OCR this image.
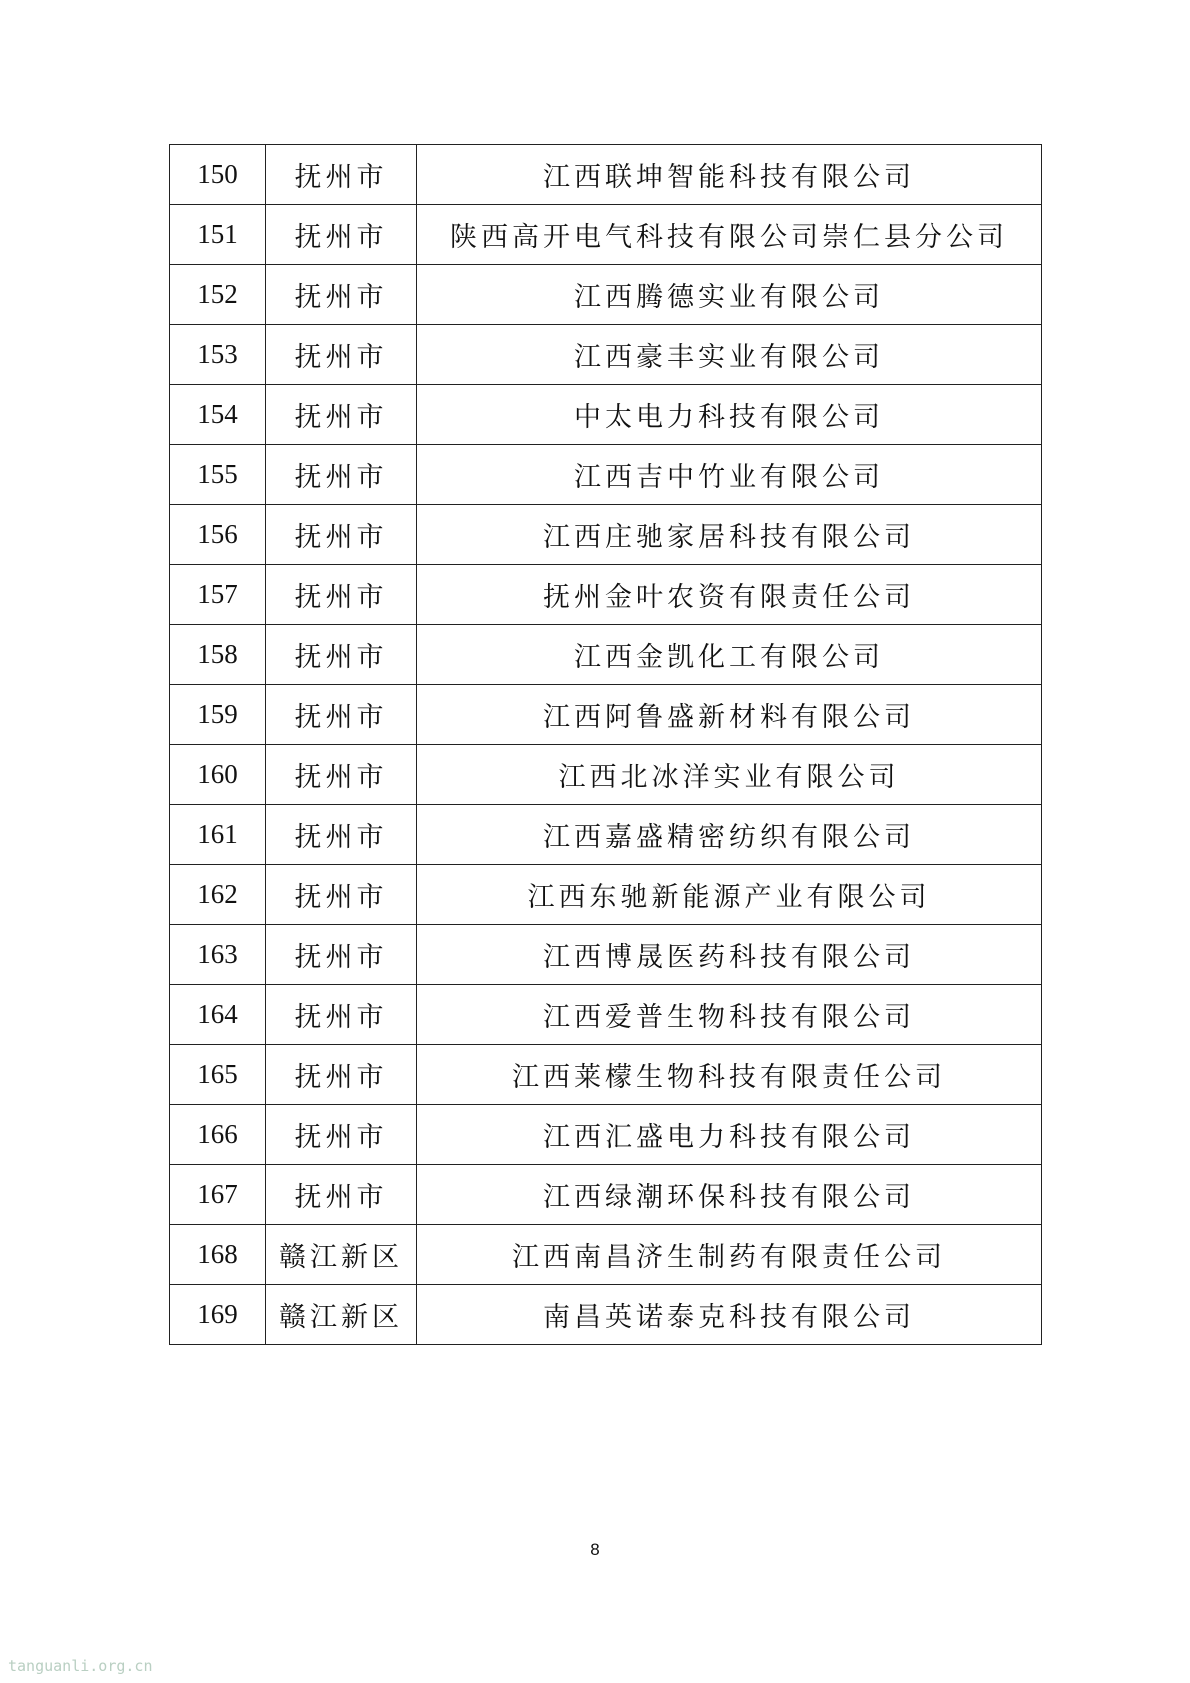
150	抚州市	江西联坤智能科技有限公司
151	抚州市	陕西高开电气科技有限公司崇仁县分公司
152	抚州市	江西腾德实业有限公司
153	抚州市	江西豪丰实业有限公司
154	抚州市	中太电力科技有限公司
155	抚州市	江西吉中竹业有限公司
156	抚州市	江西庄驰家居科技有限公司
157	抚州市	抚州金叶农资有限责任公司
158	抚州市	江西金凯化工有限公司
159	抚州市	江西阿鲁盛新材料有限公司
160	抚州市	江西北冰洋实业有限公司
161	抚州市	江西嘉盛精密纺织有限公司
162	抚州市	江西东驰新能源产业有限公司
163	抚州市	江西博晟医药科技有限公司
164	抚州市	江西爱普生物科技有限公司
165	抚州市	江西莱檬生物科技有限责任公司
166	抚州市	江西汇盛电力科技有限公司
167	抚州市	江西绿潮环保科技有限公司
168	赣江新区	江西南昌济生制药有限责任公司
169	赣江新区	南昌英诺泰克科技有限公司
8
tanguanli.org.cn
